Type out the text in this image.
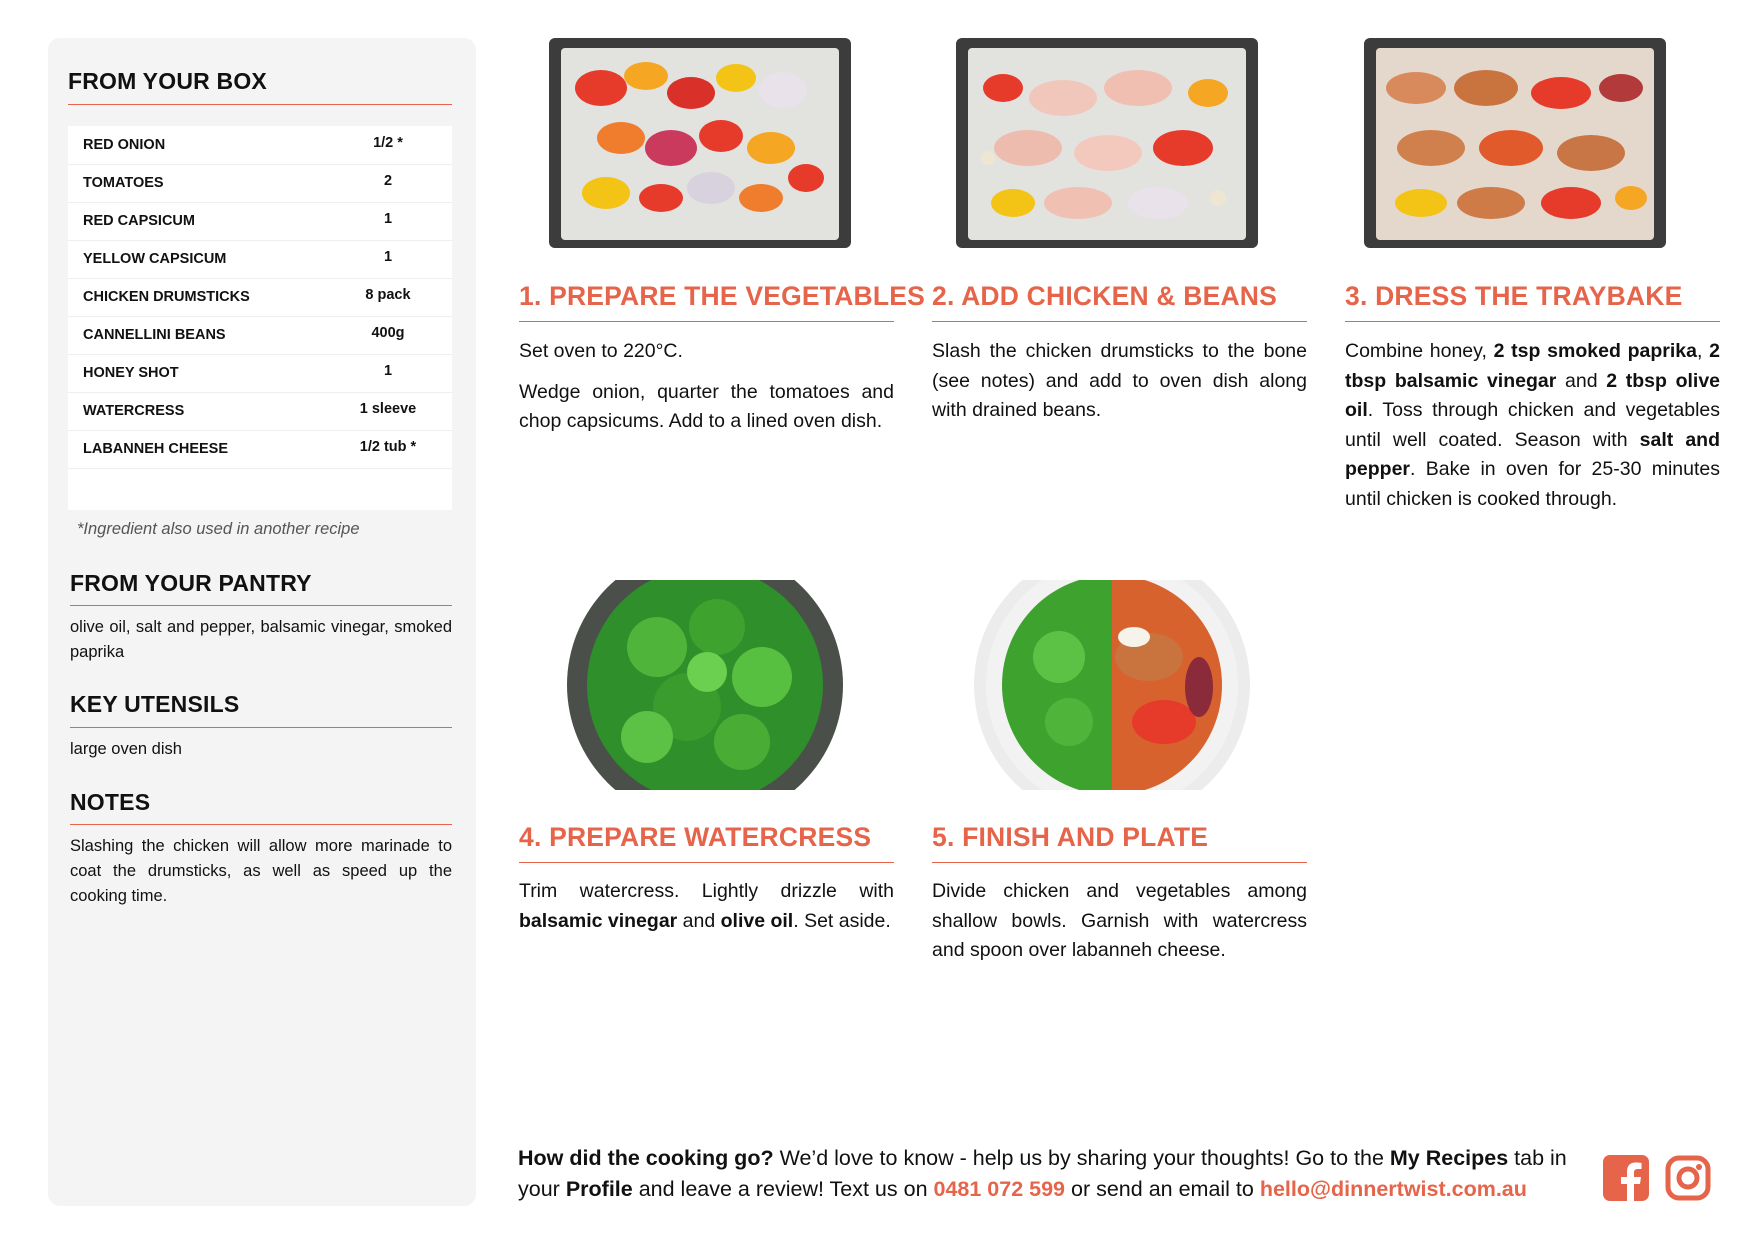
FROM YOUR BOX
RED ONION	1/2 *
TOMATOES	2
RED CAPSICUM	1
YELLOW CAPSICUM	1
CHICKEN DRUMSTICKS	8 pack
CANNELLINI BEANS	400g
HONEY SHOT	1
WATERCRESS	1 sleeve
LABANNEH CHEESE	1/2 tub *
*Ingredient also used in another recipe
FROM YOUR PANTRY
olive oil, salt and pepper, balsamic vinegar, smoked paprika
KEY UTENSILS
large oven dish
NOTES
Slashing the chicken will allow more marinade to coat the drumsticks, as well as speed up the cooking time.
1. PREPARE THE VEGETABLES

Set oven to 220°C.

Wedge onion, quarter the tomatoes and chop capsicums. Add to a lined oven dish.

2. ADD CHICKEN & BEANS

Slash the chicken drumsticks to the bone (see notes) and add to oven dish along with drained beans.

3. DRESS THE TRAYBAKE

Combine honey, 2 tsp smoked paprika, 2 tbsp balsamic vinegar and 2 tbsp olive oil. Toss through chicken and vegetables until well coated. Season with salt and pepper. Bake in oven for 25-30 minutes until chicken is cooked through.

4. PREPARE WATERCRESS

Trim watercress. Lightly drizzle with balsamic vinegar and olive oil. Set aside.

5. FINISH AND PLATE

Divide chicken and vegetables among shallow bowls. Garnish with watercress and spoon over labanneh cheese.

How did the cooking go? We’d love to know - help us by sharing your thoughts! Go to the My Recipes tab in your Profile and leave a review! Text us on 0481 072 599 or send an email to hello@dinnertwist.com.au
